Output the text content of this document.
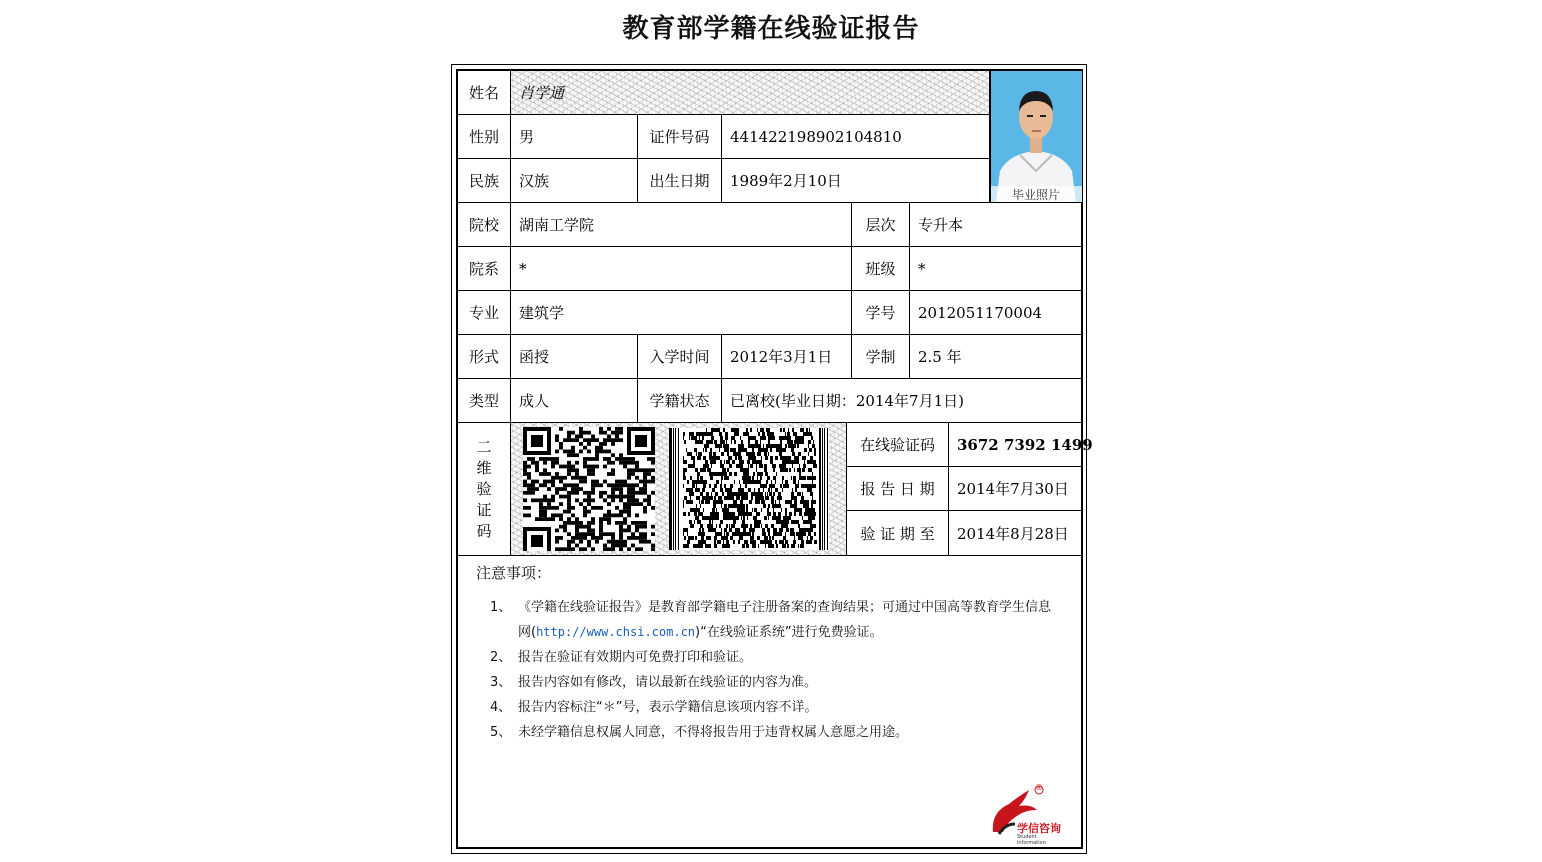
教育部学籍在线验证报告
姓名	肖学通
性别	男	证件号码	441422198902104810
民族	汉族	出生日期	1989年2月10日
毕业照片
院校	湖南工学院	层次	专升本
院系	*	班级	*
专业	建筑学	学号	2012051170004
形式	函授	入学时间	2012年3月1日	学制	2.5 年
类型	成人	学籍状态	已离校(毕业日期：2014年7月1日)
二
维
验
证
码
在线验证码	3672 7392 1499
报 告 日 期	2014年7月30日
验 证 期 至	2014年8月28日
注意事项：
1、 《学籍在线验证报告》是教育部学籍电子注册备案的查询结果；可通过中国高等教育学生信息网(http://www.chsi.com.cn)“在线验证系统”进行免费验证。
2、 报告在验证有效期内可免费打印和验证。
3、 报告内容如有修改，请以最新在线验证的内容为准。
4、 报告内容标注“＊”号，表示学籍信息该项内容不详。
5、 未经学籍信息权属人同意，不得将报告用于违背权属人意愿之用途。
®
学信咨询
Student information
